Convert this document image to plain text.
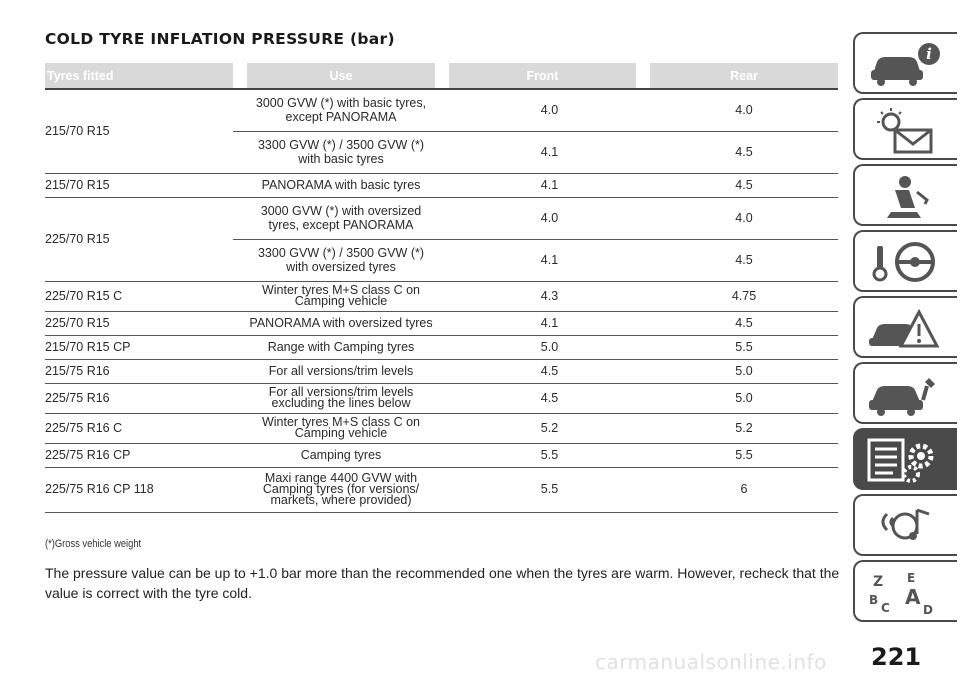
COLD TYRE INFLATION PRESSURE (bar)
Tyres fitted		Use		Front		Rear
215/70 R15	3000 GVW (*) with basic tyres,
except PANORAMA			4.0		4.0
	3300 GVW (*) / 3500 GVW (*)
with basic tyres			4.1		4.5
215/70 R15	PANORAMA with basic tyres			4.1		4.5
225/70 R15	3000 GVW (*) with oversized
tyres, except PANORAMA			4.0		4.0
	3300 GVW (*) / 3500 GVW (*)
with oversized tyres			4.1		4.5
225/70 R15 C	Winter tyres M+S class C on
Camping vehicle			4.3		4.75
225/70 R15	PANORAMA with oversized tyres			4.1		4.5
215/70 R15 CP	Range with Camping tyres			5.0		5.5
215/75 R16	For all versions/trim levels			4.5		5.0
225/75 R16	For all versions/trim levels
excluding the lines below			4.5		5.0
225/75 R16 C	Winter tyres M+S class C on
Camping vehicle			5.2		5.2
225/75 R16 CP	Camping tyres			5.5		5.5
225/75 R16 CP 118	Maxi range 4400 GVW with
Camping tyres (for versions/
markets, where provided)			5.5		6
(*)Gross vehicle weight
The pressure value can be up to +1.0 bar more than the recommended one when the tyres are warm. However, recheck that the value is correct with the tyre cold.
i
Z E
B A
C	D
carmanualsonline.info 221
